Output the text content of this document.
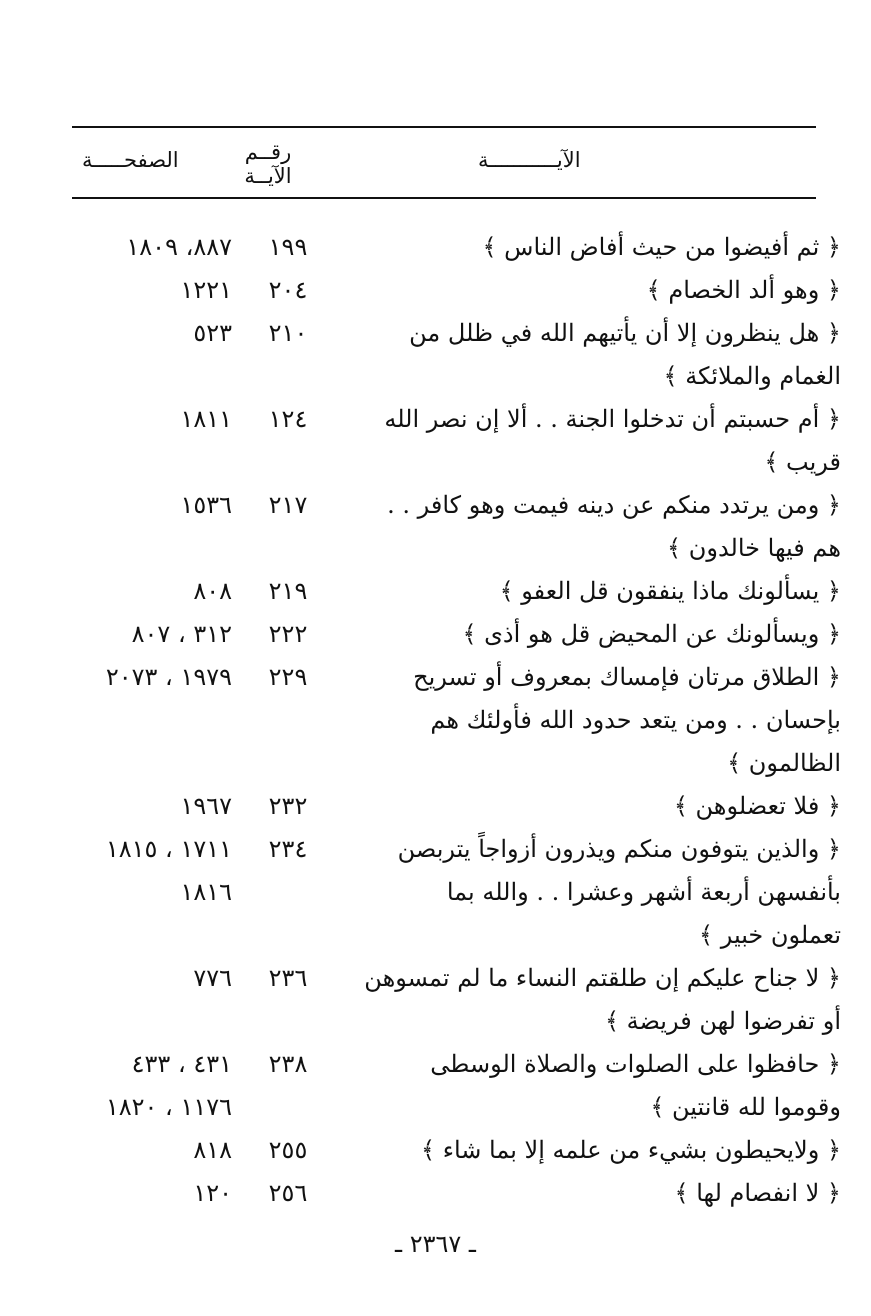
الآيـــــــــــة
رقــم
الآيــة
الصفحـــــة
﴿ ثم أفيضوا من حيث أفاض الناس ﴾
١٩٩
٨٨٧، ١٨٠٩
﴿ وهو ألد الخصام ﴾
٢٠٤
١٢٢١
﴿ هل ينظرون إلا أن يأتيهم الله في ظلل من
٢١٠
٥٢٣
الغمام والملائكة ﴾
﴿ أم حسبتم أن تدخلوا الجنة . . ألا إن نصر الله
١٢٤
١٨١١
قريب ﴾
﴿ ومن يرتدد منكم عن دينه فيمت وهو كافر . .
٢١٧
١٥٣٦
هم فيها خالدون ﴾
﴿ يسألونك ماذا ينفقون قل العفو ﴾
٢١٩
٨٠٨
﴿ ويسألونك عن المحيض قل هو أذى ﴾
٢٢٢
٣١٢ ، ٨٠٧
﴿ الطلاق مرتان فإمساك بمعروف أو تسريح
٢٢٩
١٩٧٩ ، ٢٠٧٣
بإحسان . . ومن يتعد حدود الله فأولئك هم
الظالمون ﴾
﴿ فلا تعضلوهن ﴾
٢٣٢
١٩٦٧
﴿ والذين يتوفون منكم ويذرون أزواجاً يتربصن
٢٣٤
١٧١١ ، ١٨١٥
بأنفسهن أربعة أشهر وعشرا . . والله بما
١٨١٦
تعملون خبير ﴾
﴿ لا جناح عليكم إن طلقتم النساء ما لم تمسوهن
٢٣٦
٧٧٦
أو تفرضوا لهن فريضة ﴾
﴿ حافظوا على الصلوات والصلاة الوسطى
٢٣٨
٤٣١ ، ٤٣٣
وقوموا لله قانتين ﴾
١١٧٦ ، ١٨٢٠
﴿ ولايحيطون بشيء من علمه إلا بما شاء ﴾
٢٥٥
٨١٨
﴿ لا انفصام لها ﴾
٢٥٦
١٢٠
ـ ٢٣٦٧ ـ
